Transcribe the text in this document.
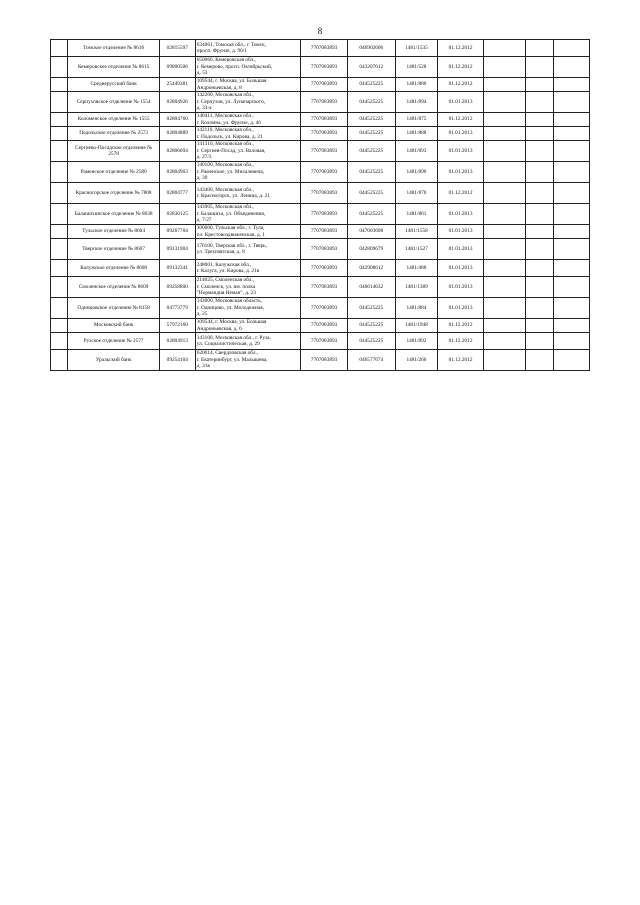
8
	Томское отделение № 8616	02815597	634061, Томская обл., г. Томск,
просп. Фрунзе, д. 90/1	7707083893	046902606	1481/1535	01.12.2012			
	Кемеровское отделение № 8615	09800506	650066, Кемеровская обл.,
г. Кемерово, просп. Октябрьский,
д. 53	7707083893	043207612	1481/528	01.12.2012			
	Среднерусский банк	25449381	109544, г. Москва, ул. Большая
Андроньевская, д. 8	7707083893	044525225	1481/880	01.12.2012			
	Серпуховское отделение № 1554	02804926	142200, Московская обл.,
г. Серпухов, ул. Луначарского,
д. 33-а	7707083893	044525225	1481/894	01.01.2013			
	Коломенское отделение № 1555	02804760	140411, Московская обл.,
г. Коломна, ул. Фрунзе, д. 46	7707083893	044525225	1481/875	01.12.2012			
	Подольское отделение № 2573	02804889	142110, Московская обл.,
г. Подольск, ул. Кирова, д. 21	7707083893	044525225	1481/888	01.01.2013			
	Сергиево-Посадское отделение № 2578	02806694	141310, Московская обл.,
г. Сергиев-Посад, ул. Валовая,
д. 27/3	7707083893	044525225	1481/893	01.01.2013			
	Раменское отделение № 2580	02804903	140100, Московская обл.,
г. Раменское, ул. Михалевича,
д. 39	7707083893	044525225	1481/890	01.01.2013			
	Красногорское отделение № 7808	02804777	143400, Московская обл.,
г. Красногорск, ул. Ленина, д. 21	7707083893	044525225	1481/876	01.12.2012			
	Балашихинское отделение № 8038	02830125	143905, Московская обл.,
г. Балашиха, ул. Объединения,
д. 7/27	7707083893	044525225	1481/861	01.01.2013			
	Тульское отделение № 8604	09267704	300000, Тульская обл., г. Тула,
пл. Крестовоздвиженская, д. 1	7707083893	047003608	1481/1558	01.01.2013			
	Тверское отделение № 8607	09131904	170100, Тверская обл., г. Тверь,
ул. Трехсвятская, д. 8	7707083893	042809679	1481/1527	01.01.2013			
	Калужское отделение № 8608	09132341	248001, Калужская обл.,
г. Калуга, ул. Кирова, д. 21в	7707083893	042908612	1481/488	01.01.2013			
	Смоленское отделение № 8609	09258800	214025, Смоленская обл.,
г. Смоленск, ул. им. полка
"Нормандия Неман", д. 23	7707083893	046614632	1481/1389	01.01.2013			
	Одинцовское отделение № 8158	04773779	143000, Московская область,
г. Одинцово, ул. Молодежная,
д. 25	7707083893	044525225	1481/884	01.01.2013			
	Московский банк	57972160	109544, г. Москва, ул. Большая
Андроньевская, д. 6	7707083893	044525225	1481/1948	01.12.2012			
	Рузское отделение № 2577	02804913	143100, Московская обл., г. Руза,
ул. Социалистическая, д. 29	7707083893	044525225	1481/892	01.12.2012			
	Уральский банк	09254104	620014, Свердловская обл.,
г. Екатеринбург, ул. Малышева,
д. 31в	7707083893	046577674	1481/266	01.12.2012			
